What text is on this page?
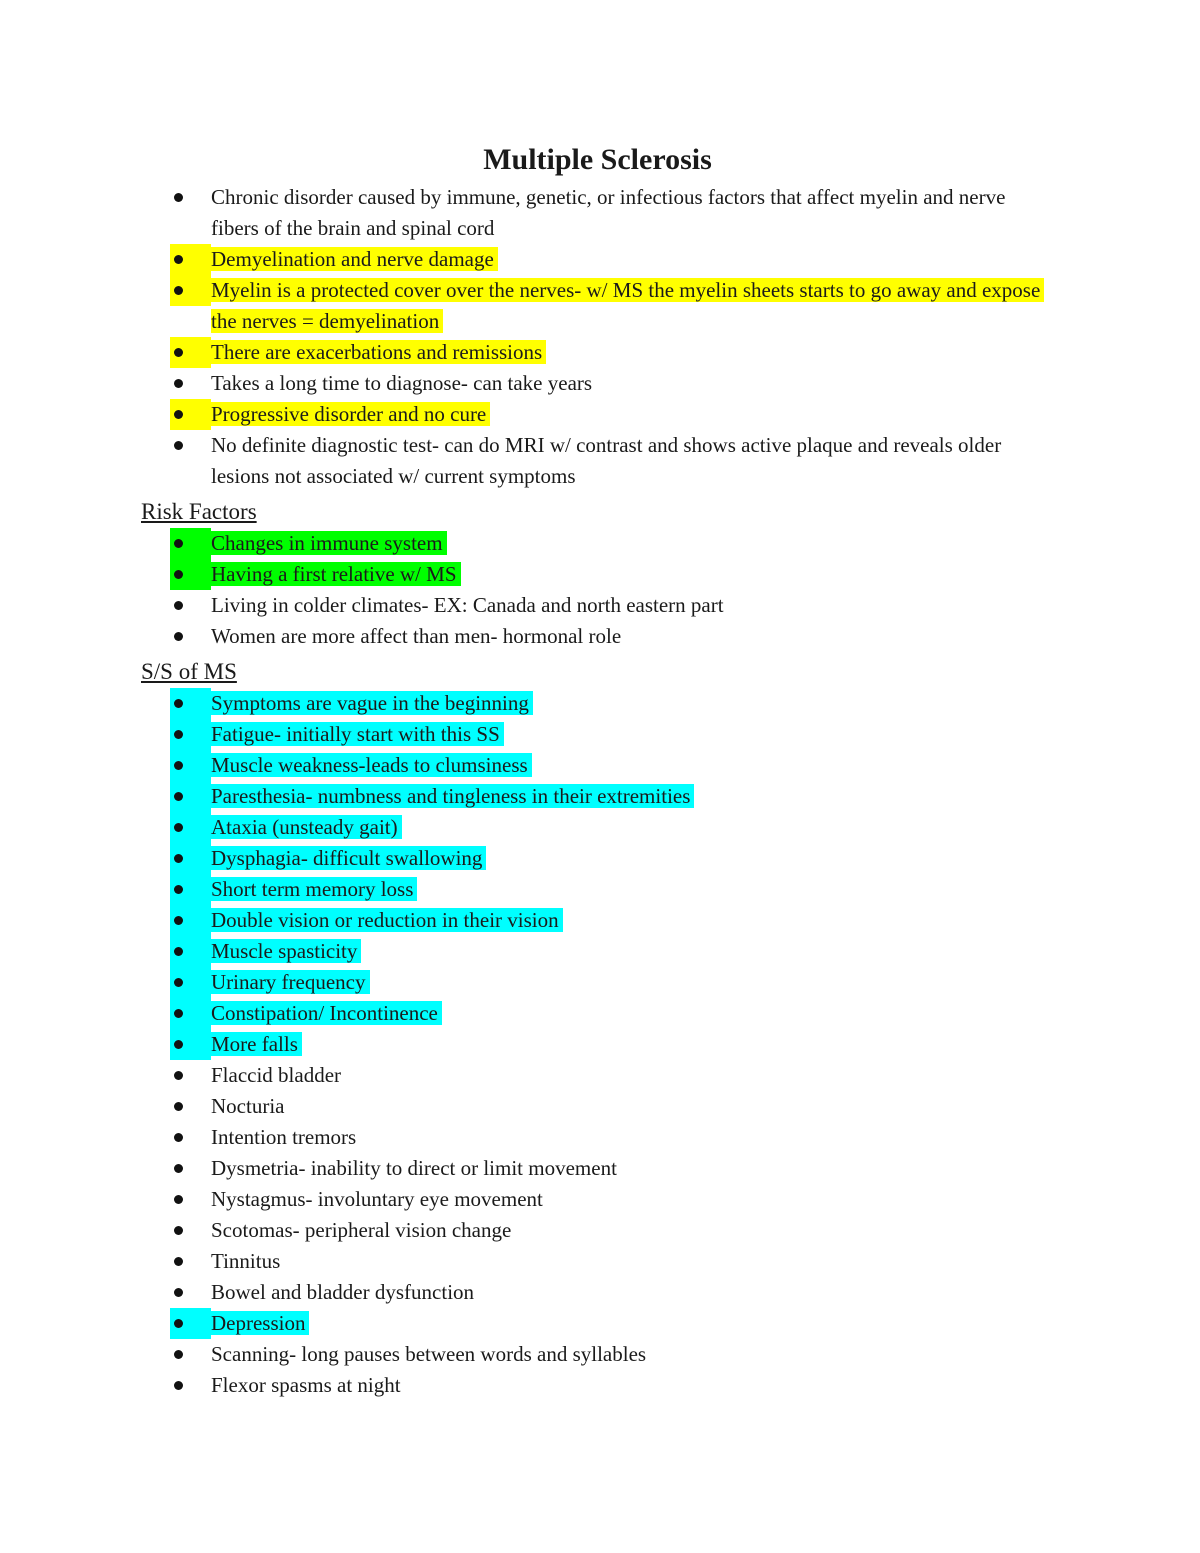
Multiple Sclerosis
Chronic disorder caused by immune, genetic, or infectious factors that affect myelin and nerve fibers of the brain and spinal cord
Demyelination and nerve damage
Myelin is a protected cover over the nerves- w/ MS the myelin sheets starts to go away and expose the nerves = demyelination
There are exacerbations and remissions
Takes a long time to diagnose- can take years
Progressive disorder and no cure
No definite diagnostic test- can do MRI w/ contrast and shows active plaque and reveals older lesions not associated w/ current symptoms
Risk Factors
Changes in immune system
Having a first relative w/ MS
Living in colder climates- EX: Canada and north eastern part
Women are more affect than men- hormonal role
S/S of MS
Symptoms are vague in the beginning
Fatigue- initially start with this SS
Muscle weakness-leads to clumsiness
Paresthesia- numbness and tingleness in their extremities
Ataxia (unsteady gait)
Dysphagia- difficult swallowing
Short term memory loss
Double vision or reduction in their vision
Muscle spasticity
Urinary frequency
Constipation/ Incontinence
More falls
Flaccid bladder
Nocturia
Intention tremors
Dysmetria- inability to direct or limit movement
Nystagmus- involuntary eye movement
Scotomas- peripheral vision change
Tinnitus
Bowel and bladder dysfunction
Depression
Scanning- long pauses between words and syllables
Flexor spasms at night
